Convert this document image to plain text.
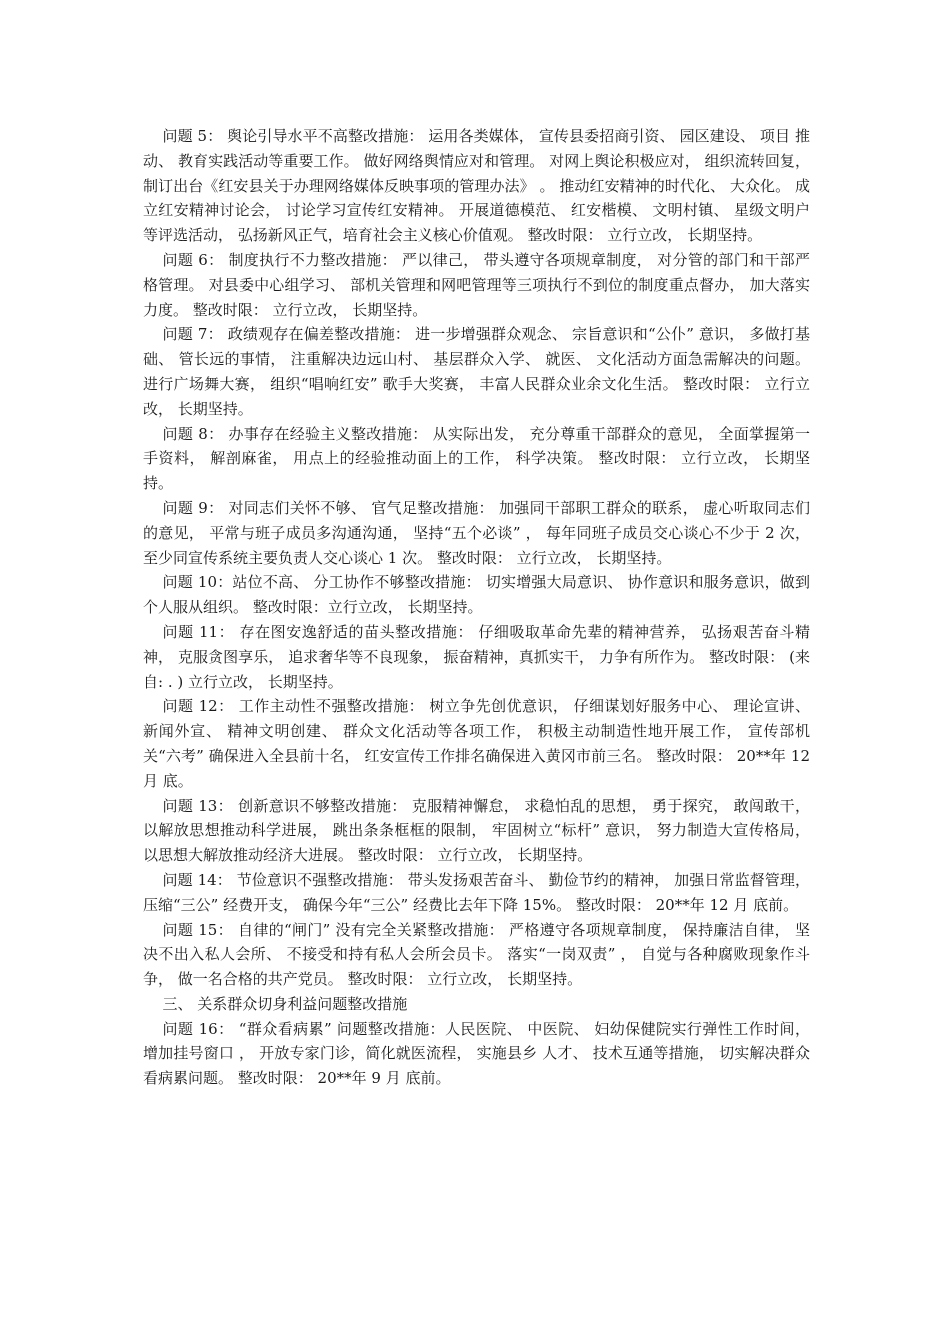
问题 5： 舆论引导水平不高整改措施： 运用各类媒体， 宣传县委招商引资、 园区建设、 项目 推动、 教育实践活动等重要工作。 做好网络舆情应对和管理。 对网上舆论积极应对， 组织流转回复， 制订出台《红安县关于办理网络媒体反映事项的管理办法》 。 推动红安精神的时代化、 大众化。 成立红安精神讨论会， 讨论学习宣传红安精神。 开展道德模范、 红安楷模、 文明村镇、 星级文明户 等评选活动， 弘扬新风正气，培育社会主义核心价值观。 整改时限： 立行立改， 长期坚持。

问题 6： 制度执行不力整改措施： 严以律己， 带头遵守各项规章制度， 对分管的部门和干部严格管理。 对县委中心组学习、 部机关管理和网吧管理等三项执行不到位的制度重点督办， 加大落实力度。 整改时限： 立行立改， 长期坚持。

问题 7： 政绩观存在偏差整改措施： 进一步增强群众观念、 宗旨意识和“公仆” 意识， 多做打基础、 管长远的事情， 注重解决边远山村、 基层群众入学、 就医、 文化活动方面急需解决的问题。 进行广场舞大赛， 组织“唱响红安” 歌手大奖赛， 丰富人民群众业余文化生活。 整改时限： 立行立改， 长期坚持。

问题 8： 办事存在经验主义整改措施： 从实际出发， 充分尊重干部群众的意见， 全面掌握第一手资料， 解剖麻雀， 用点上的经验推动面上的工作， 科学决策。 整改时限： 立行立改， 长期坚持。

问题 9： 对同志们关怀不够、 官气足整改措施： 加强同干部职工群众的联系， 虚心听取同志们的意见， 平常与班子成员多沟通沟通， 坚持“五个必谈” ， 每年同班子成员交心谈心不少于 2 次， 至少同宣传系统主要负责人交心谈心 1 次。 整改时限： 立行立改， 长期坚持。

问题 10：站位不高、 分工协作不够整改措施： 切实增强大局意识、 协作意识和服务意识，做到个人服从组织。 整改时限：立行立改， 长期坚持。

问题 11： 存在图安逸舒适的苗头整改措施： 仔细吸取革命先辈的精神营养， 弘扬艰苦奋斗精神， 克服贪图享乐， 追求奢华等不良现象， 振奋精神，真抓实干， 力争有所作为。 整改时限： (来自: . ) 立行立改， 长期坚持。

问题 12： 工作主动性不强整改措施： 树立争先创优意识， 仔细谋划好服务中心、 理论宣讲、 新闻外宣、 精神文明创建、 群众文化活动等各项工作， 积极主动制造性地开展工作， 宣传部机关“六考” 确保进入全县前十名， 红安宣传工作排名确保进入黄冈市前三名。 整改时限： 20**年 12 月 底。

问题 13： 创新意识不够整改措施： 克服精神懈怠， 求稳怕乱的思想， 勇于探究， 敢闯敢干， 以解放思想推动科学进展， 跳出条条框框的限制， 牢固树立“标杆” 意识， 努力制造大宣传格局， 以思想大解放推动经济大进展。 整改时限： 立行立改， 长期坚持。

问题 14： 节俭意识不强整改措施： 带头发扬艰苦奋斗、 勤俭节约的精神， 加强日常监督管理， 压缩“三公” 经费开支， 确保今年“三公” 经费比去年下降 15%。 整改时限： 20**年 12 月 底前。

问题 15： 自律的“闸门” 没有完全关紧整改措施： 严格遵守各项规章制度， 保持廉洁自律， 坚决不出入私人会所、 不接受和持有私人会所会员卡。 落实“一岗双责” ， 自觉与各种腐败现象作斗争， 做一名合格的共产党员。 整改时限： 立行立改， 长期坚持。

三、 关系群众切身利益问题整改措施

问题 16： “群众看病累” 问题整改措施：人民医院、 中医院、 妇幼保健院实行弹性工作时间， 增加挂号窗口 ， 开放专家门诊，简化就医流程， 实施县乡 人才、 技术互通等措施， 切实解决群众看病累问题。 整改时限： 20**年 9 月 底前。
